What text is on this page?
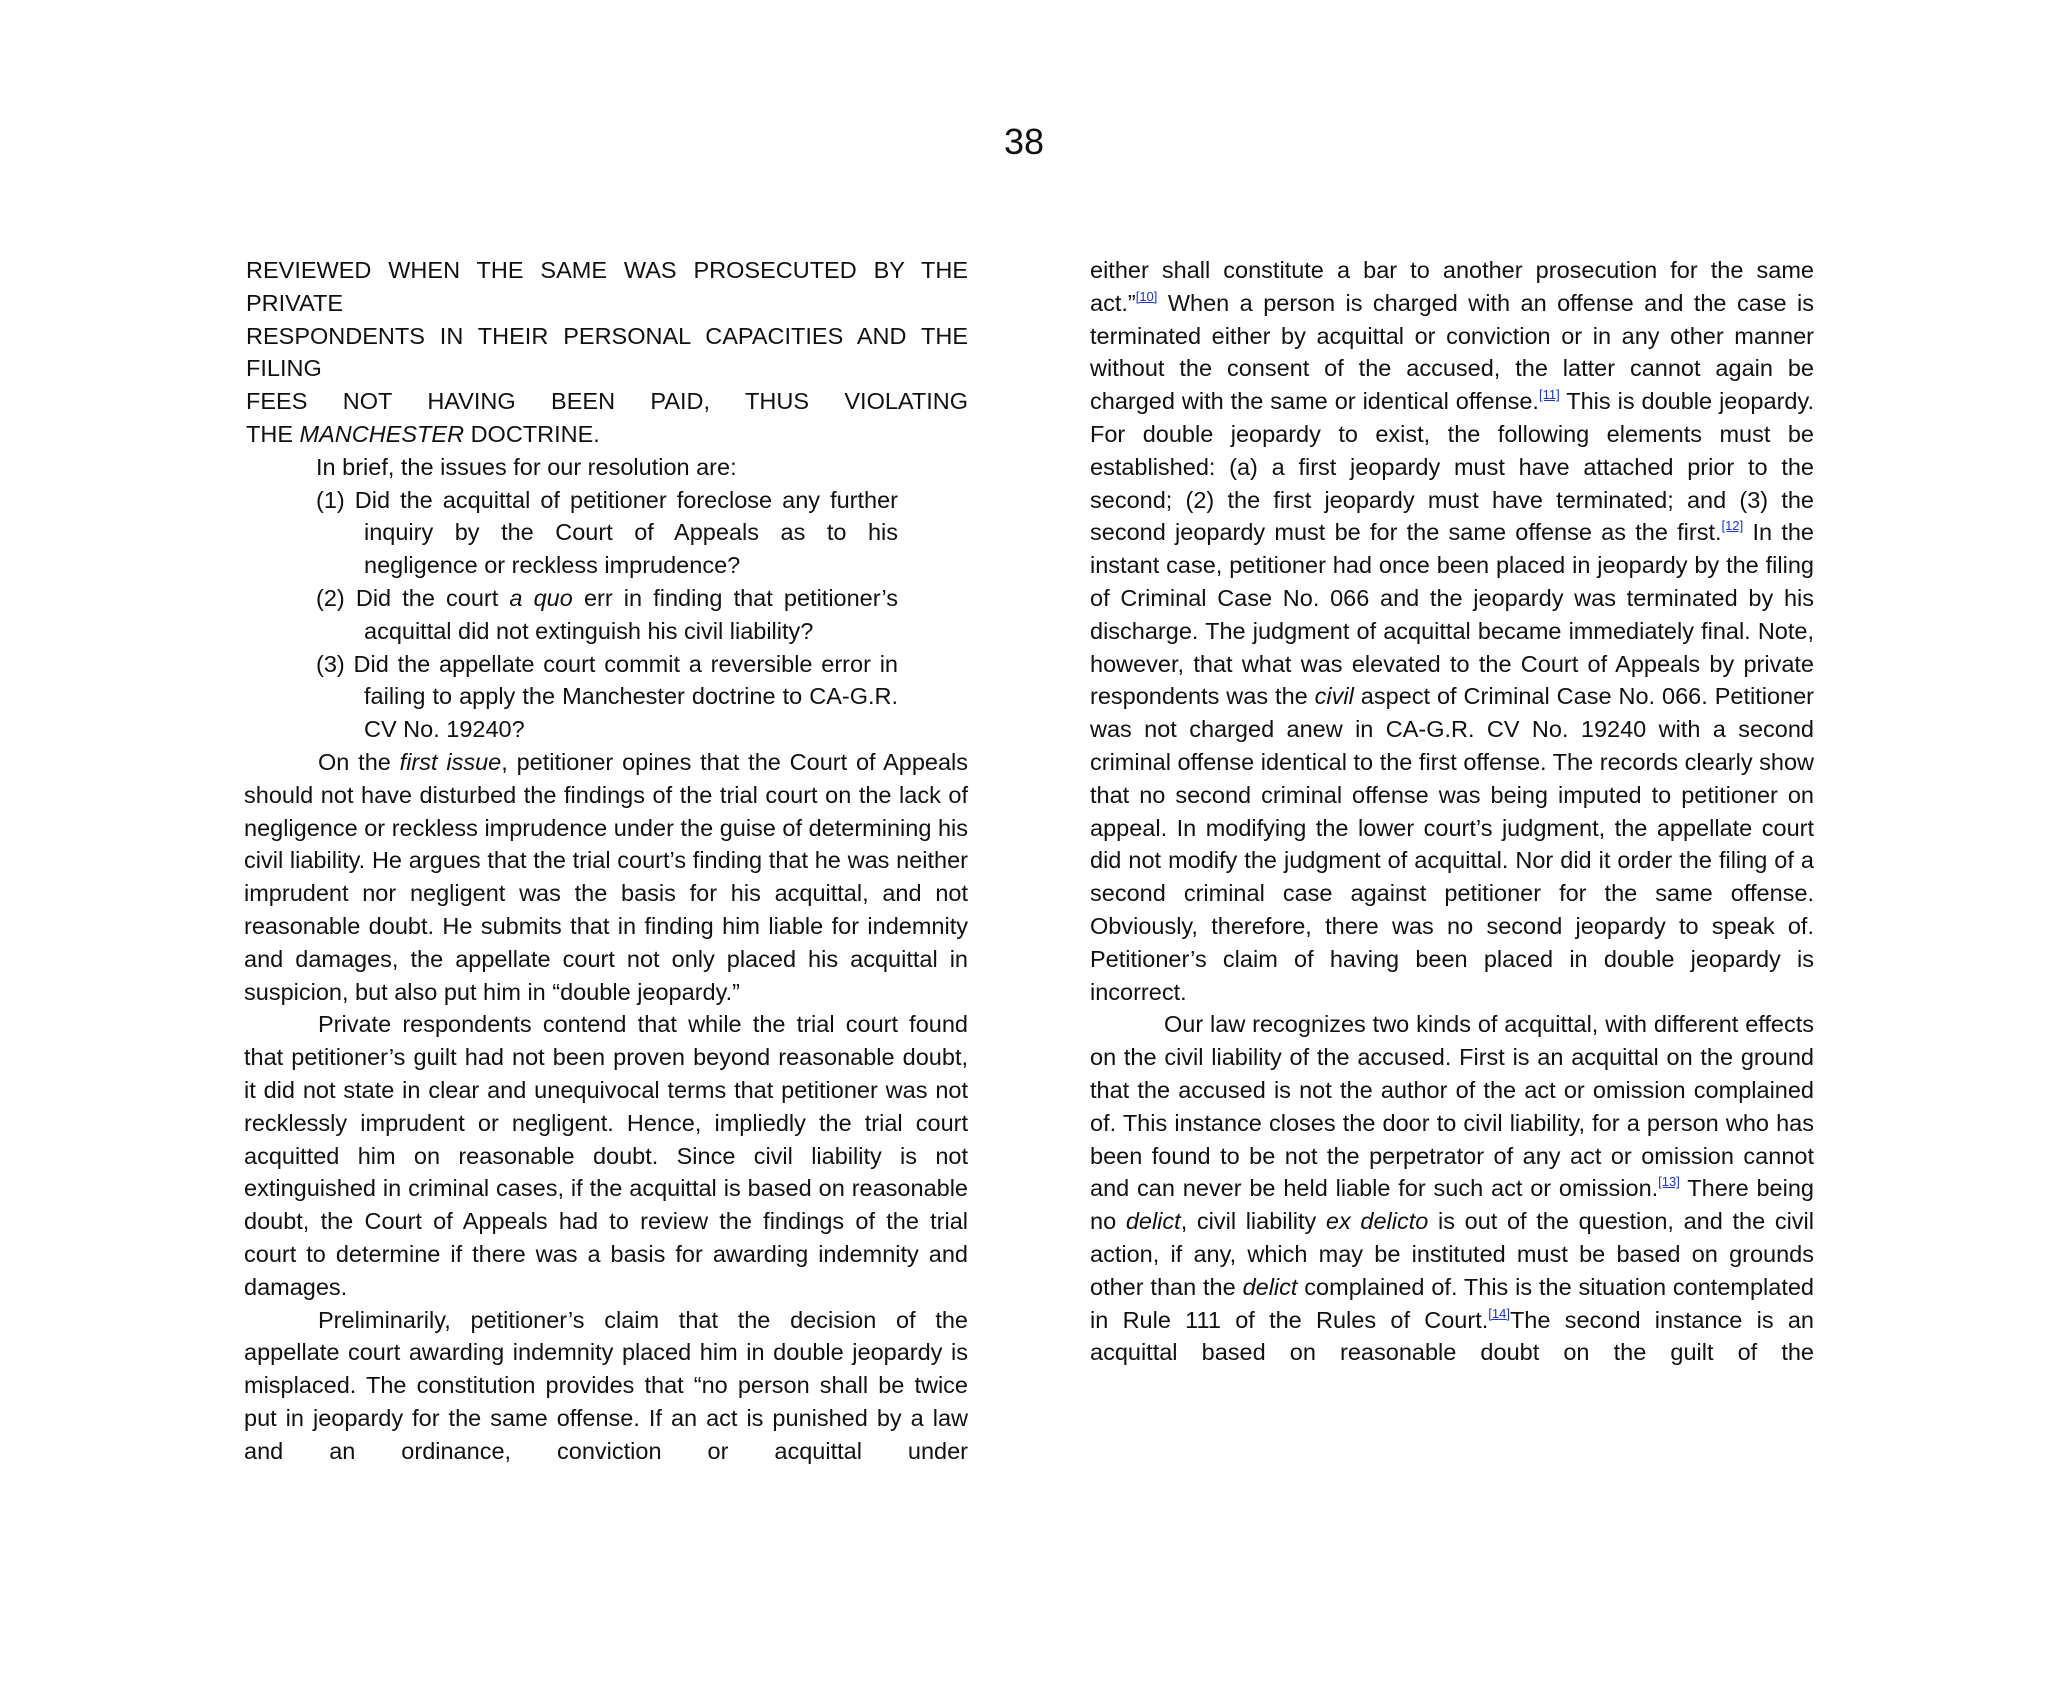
38

REVIEWED WHEN THE SAME WAS PROSECUTED BY THE PRIVATE

RESPONDENTS IN THEIR PERSONAL CAPACITIES AND THE FILING

FEES NOT HAVING BEEN PAID, THUS VIOLATING

THE MANCHESTER DOCTRINE.

In brief, the issues for our resolution are:

(1) Did the acquittal of petitioner foreclose any further inquiry by the Court of Appeals as to his negligence or reckless imprudence?
(2) Did the court a quo err in finding that petitioner’s acquittal did not extinguish his civil liability?
(3) Did the appellate court commit a reversible error in failing to apply the Manchester doctrine to CA-G.R. CV No. 19240?

On the first issue, petitioner opines that the Court of Appeals should not have disturbed the findings of the trial court on the lack of negligence or reckless imprudence under the guise of determining his civil liability. He argues that the trial court’s finding that he was neither imprudent nor negligent was the basis for his acquittal, and not reasonable doubt. He submits that in finding him liable for indemnity and damages, the appellate court not only placed his acquittal in suspicion, but also put him in “double jeopardy.”

Private respondents contend that while the trial court found that petitioner’s guilt had not been proven beyond reasonable doubt, it did not state in clear and unequivocal terms that petitioner was not recklessly imprudent or negligent. Hence, impliedly the trial court acquitted him on reasonable doubt. Since civil liability is not extinguished in criminal cases, if the acquittal is based on reasonable doubt, the Court of Appeals had to review the findings of the trial court to determine if there was a basis for awarding indemnity and damages.

Preliminarily, petitioner’s claim that the decision of the appellate court awarding indemnity placed him in double jeopardy is misplaced. The constitution provides that “no person shall be twice put in jeopardy for the same offense. If an act is punished by a law and an ordinance, conviction or acquittal under

either shall constitute a bar to another prosecution for the same act.”[10] When a person is charged with an offense and the case is terminated either by acquittal or conviction or in any other manner without the consent of the accused, the latter cannot again be charged with the same or identical offense.[11] This is double jeopardy. For double jeopardy to exist, the following elements must be established: (a) a first jeopardy must have attached prior to the second; (2) the first jeopardy must have terminated; and (3) the second jeopardy must be for the same offense as the first.[12] In the instant case, petitioner had once been placed in jeopardy by the filing of Criminal Case No. 066 and the jeopardy was terminated by his discharge. The judgment of acquittal became immediately final. Note, however, that what was elevated to the Court of Appeals by private respondents was the civil aspect of Criminal Case No. 066. Petitioner was not charged anew in CA-G.R. CV No. 19240 with a second criminal offense identical to the first offense. The records clearly show that no second criminal offense was being imputed to petitioner on appeal. In modifying the lower court’s judgment, the appellate court did not modify the judgment of acquittal. Nor did it order the filing of a second criminal case against petitioner for the same offense. Obviously, therefore, there was no second jeopardy to speak of. Petitioner’s claim of having been placed in double jeopardy is incorrect.

Our law recognizes two kinds of acquittal, with different effects on the civil liability of the accused. First is an acquittal on the ground that the accused is not the author of the act or omission complained of. This instance closes the door to civil liability, for a person who has been found to be not the perpetrator of any act or omission cannot and can never be held liable for such act or omission.[13] There being no delict, civil liability ex delicto is out of the question, and the civil action, if any, which may be instituted must be based on grounds other than the delict complained of. This is the situation contemplated in Rule 111 of the Rules of Court.[14]The second instance is an acquittal based on reasonable doubt on the guilt of the
